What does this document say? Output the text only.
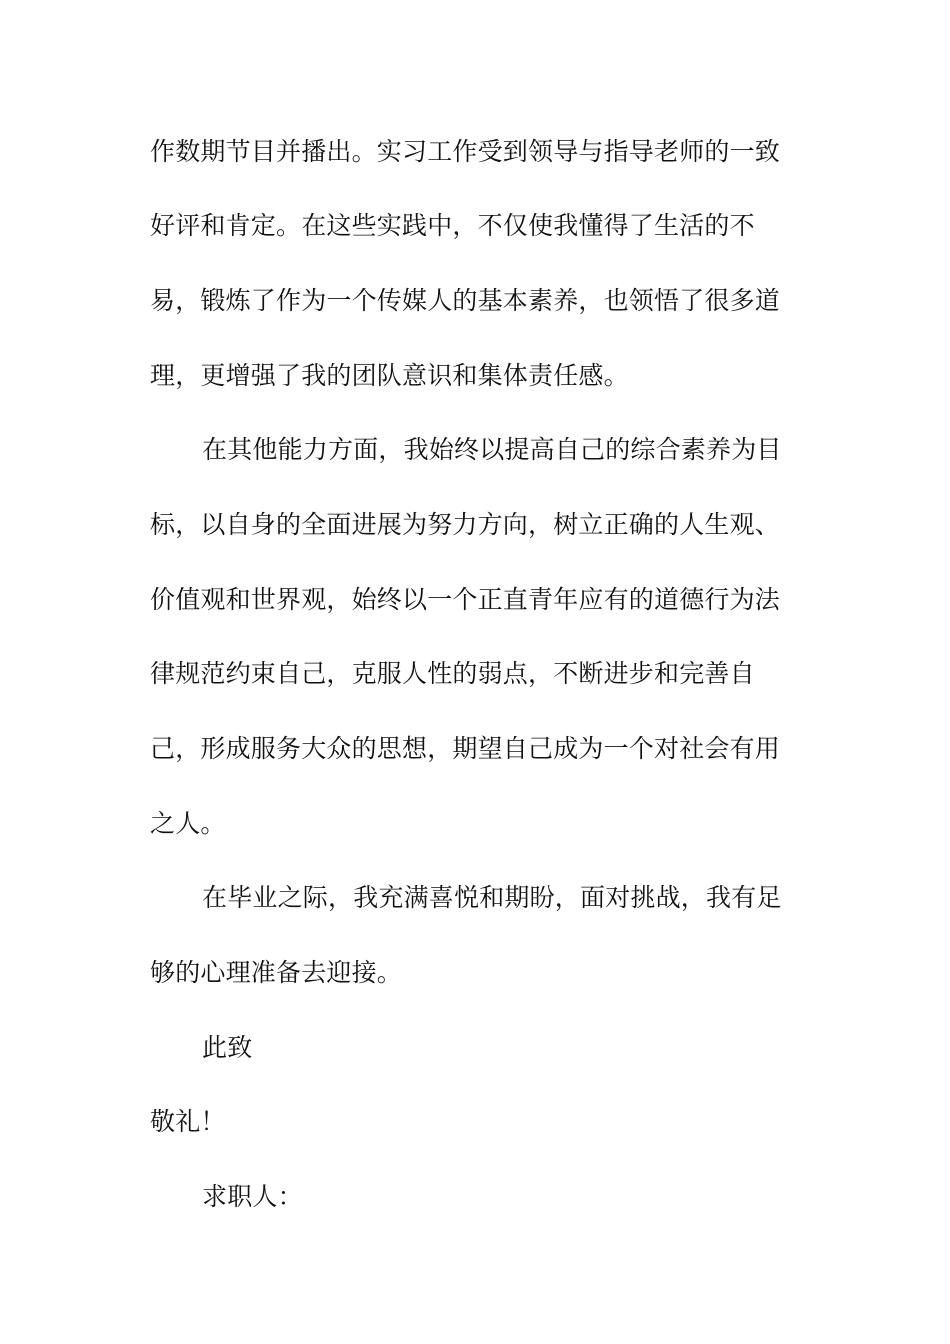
作数期节目并播出。实习工作受到领导与指导老师的一致
好评和肯定。在这些实践中，不仅使我懂得了生活的不
易，锻炼了作为一个传媒人的基本素养，也领悟了很多道
理，更增强了我的团队意识和集体责任感。
在其他能力方面，我始终以提高自己的综合素养为目
标，以自身的全面进展为努力方向，树立正确的人生观、
价值观和世界观，始终以一个正直青年应有的道德行为法
律规范约束自己，克服人性的弱点，不断进步和完善自
己，形成服务大众的思想，期望自己成为一个对社会有用
之人。
在毕业之际，我充满喜悦和期盼，面对挑战，我有足
够的心理准备去迎接。
此致
敬礼！
求职人：
